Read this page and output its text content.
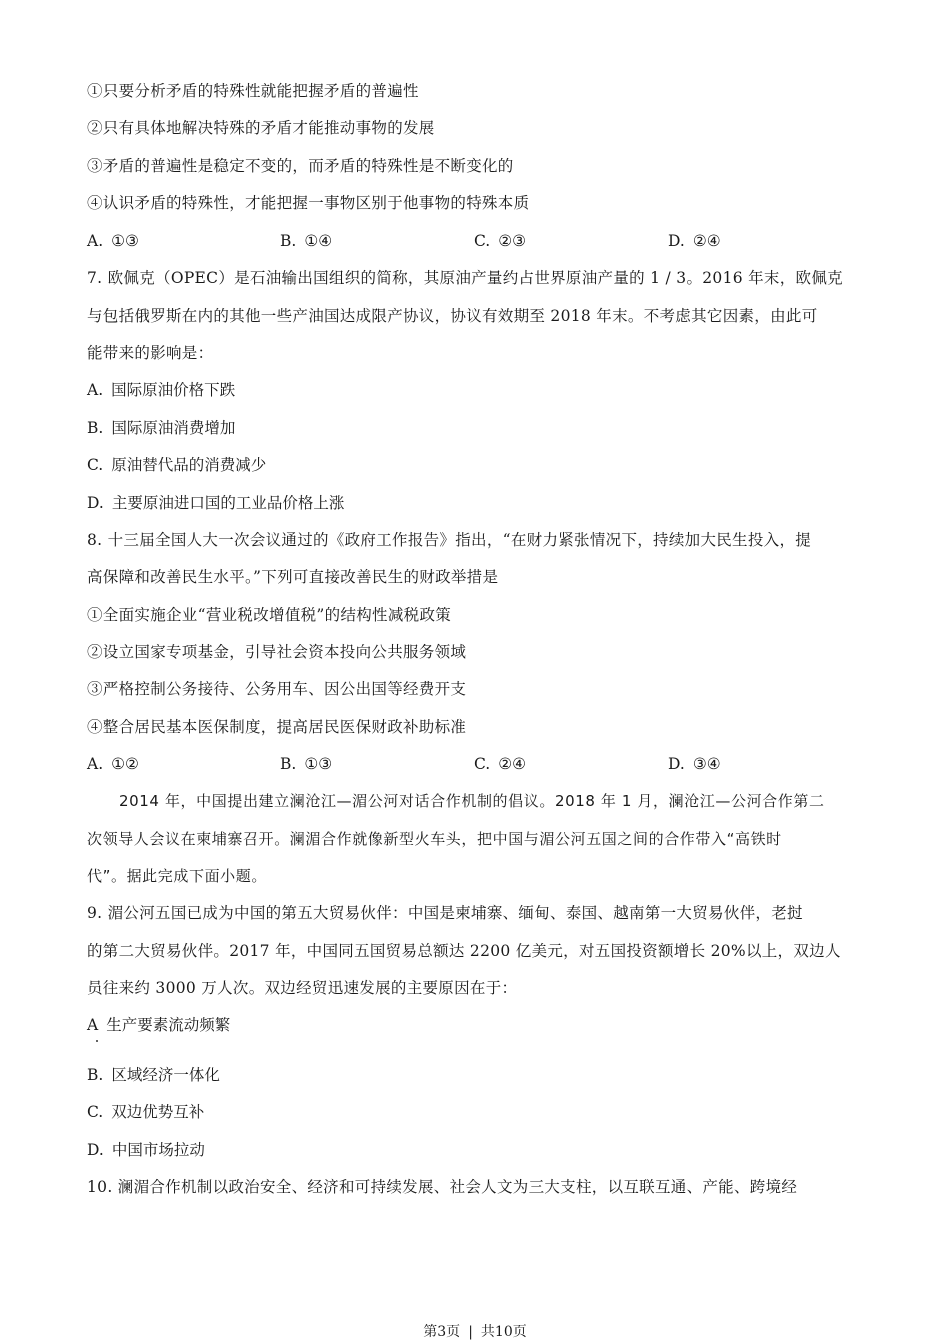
①只要分析矛盾的特殊性就能把握矛盾的普遍性
②只有具体地解决特殊的矛盾才能推动事物的发展
③矛盾的普遍性是稳定不变的，而矛盾的特殊性是不断变化的
④认识矛盾的特殊性，才能把握一事物区别于他事物的特殊本质
A. ①③	B. ①④	C. ②③	D. ②④
7. 欧佩克（OPEC）是石油输出国组织的简称，其原油产量约占世界原油产量的 1 / 3。2016 年末，欧佩克
与包括俄罗斯在内的其他一些产油国达成限产协议，协议有效期至 2018 年末。不考虑其它因素，由此可
能带来的影响是：
A. 国际原油价格下跌
B. 国际原油消费增加
C. 原油替代品的消费减少
D. 主要原油进口国的工业品价格上涨
8. 十三届全国人大一次会议通过的《政府工作报告》指出，“在财力紧张情况下，持续加大民生投入，提
高保障和改善民生水平。”下列可直接改善民生的财政举措是
①全面实施企业“营业税改增值税”的结构性减税政策
②设立国家专项基金，引导社会资本投向公共服务领域
③严格控制公务接待、公务用车、因公出国等经费开支
④整合居民基本医保制度，提高居民医保财政补助标准
A. ①②	B. ①③	C. ②④	D. ③④
2014 年，中国提出建立澜沧江—湄公河对话合作机制的倡议。2018 年 1 月，澜沧江—公河合作第二
次领导人会议在柬埔寨召开。澜湄合作就像新型火车头，把中国与湄公河五国之间的合作带入“高铁时
代”。据此完成下面小题。
9. 湄公河五国已成为中国的第五大贸易伙伴：中国是柬埔寨、缅甸、泰国、越南第一大贸易伙伴，老挝
的第二大贸易伙伴。2017 年，中国同五国贸易总额达 2200 亿美元，对五国投资额增长 20%以上，双边人
员往来约 3000 万人次。双边经贸迅速发展的主要原因在于：
A 生产要素流动频繁
B. 区域经济一体化
C. 双边优势互补
D. 中国市场拉动
10. 澜湄合作机制以政治安全、经济和可持续发展、社会人文为三大支柱，以互联互通、产能、跨境经
第3页 | 共10页
